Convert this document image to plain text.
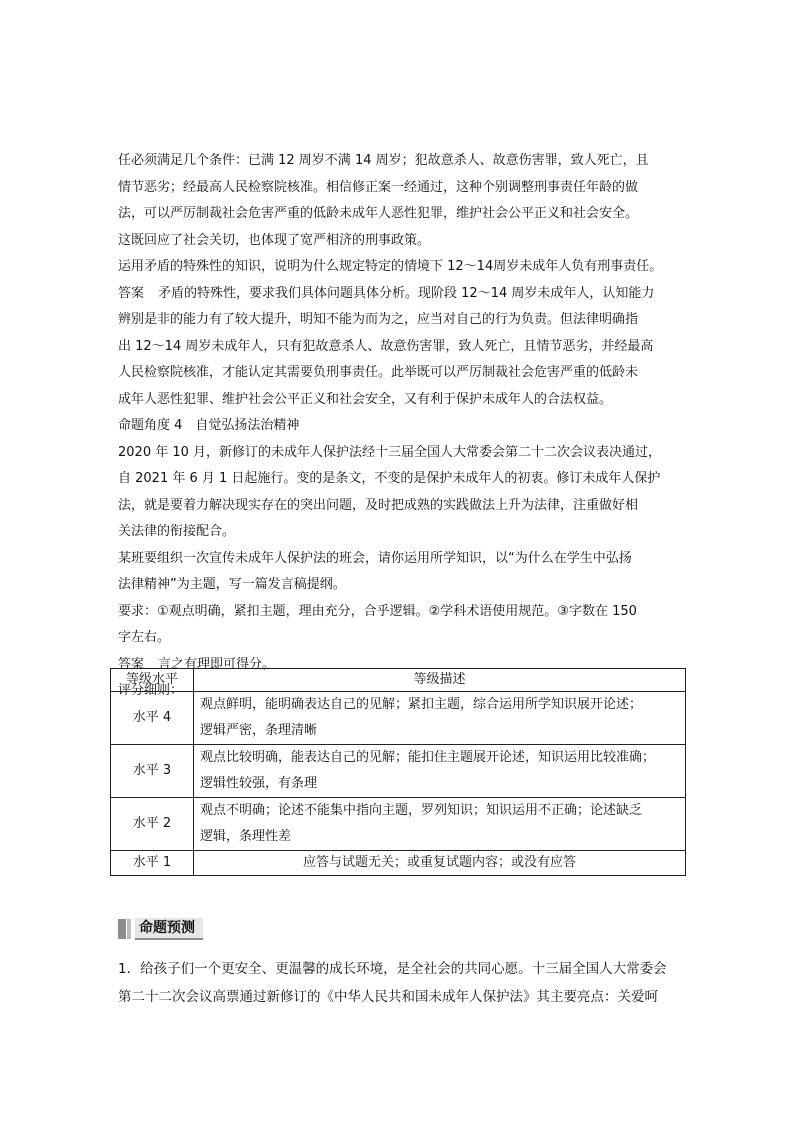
任必须满足几个条件：已满 12 周岁不满 14 周岁；犯故意杀人、故意伤害罪，致人死亡，且

情节恶劣；经最高人民检察院核准。相信修正案一经通过，这种个别调整刑事责任年龄的做

法，可以严厉制裁社会危害严重的低龄未成年人恶性犯罪，维护社会公平正义和社会安全。

这既回应了社会关切，也体现了宽严相济的刑事政策。

运用矛盾的特殊性的知识，说明为什么规定特定的情境下 12～14周岁未成年人负有刑事责任。

答案 矛盾的特殊性，要求我们具体问题具体分析。现阶段 12～14 周岁未成年人，认知能力

辨别是非的能力有了较大提升，明知不能为而为之，应当对自己的行为负责。但法律明确指

出 12～14 周岁未成年人，只有犯故意杀人、故意伤害罪，致人死亡，且情节恶劣，并经最高

人民检察院核准，才能认定其需要负刑事责任。此举既可以严厉制裁社会危害严重的低龄未

成年人恶性犯罪、维护社会公平正义和社会安全，又有利于保护未成年人的合法权益。

命题角度 4　自觉弘扬法治精神

2020 年 10 月，新修订的未成年人保护法经十三届全国人大常委会第二十二次会议表决通过，

自 2021 年 6 月 1 日起施行。变的是条文，不变的是保护未成年人的初衷。修订未成年人保护

法，就是要着力解决现实存在的突出问题，及时把成熟的实践做法上升为法律，注重做好相

关法律的衔接配合。

某班要组织一次宣传未成年人保护法的班会，请你运用所学知识，以“为什么在学生中弘扬

法律精神”为主题，写一篇发言稿提纲。

要求：①观点明确，紧扣主题，理由充分，合乎逻辑。②学科术语使用规范。③字数在 150

字左右。

答案 言之有理即可得分。

评分细则：

等级水平	等级描述
水平 4	观点鲜明，能明确表达自己的见解；紧扣主题，综合运用所学知识展开论述；
逻辑严密，条理清晰

水平 3	观点比较明确，能表达自己的见解；能扣住主题展开论述，知识运用比较准确；
逻辑性较强，有条理

水平 2	观点不明确；论述不能集中指向主题，罗列知识；知识运用不正确；论述缺乏
逻辑，条理性差

水平 1	应答与试题无关；或重复试题内容；或没有应答
命题预测

1．给孩子们一个更安全、更温馨的成长环境，是全社会的共同心愿。十三届全国人大常委会

第二十二次会议高票通过新修订的《中华人民共和国未成年人保护法》其主要亮点：关爱呵
